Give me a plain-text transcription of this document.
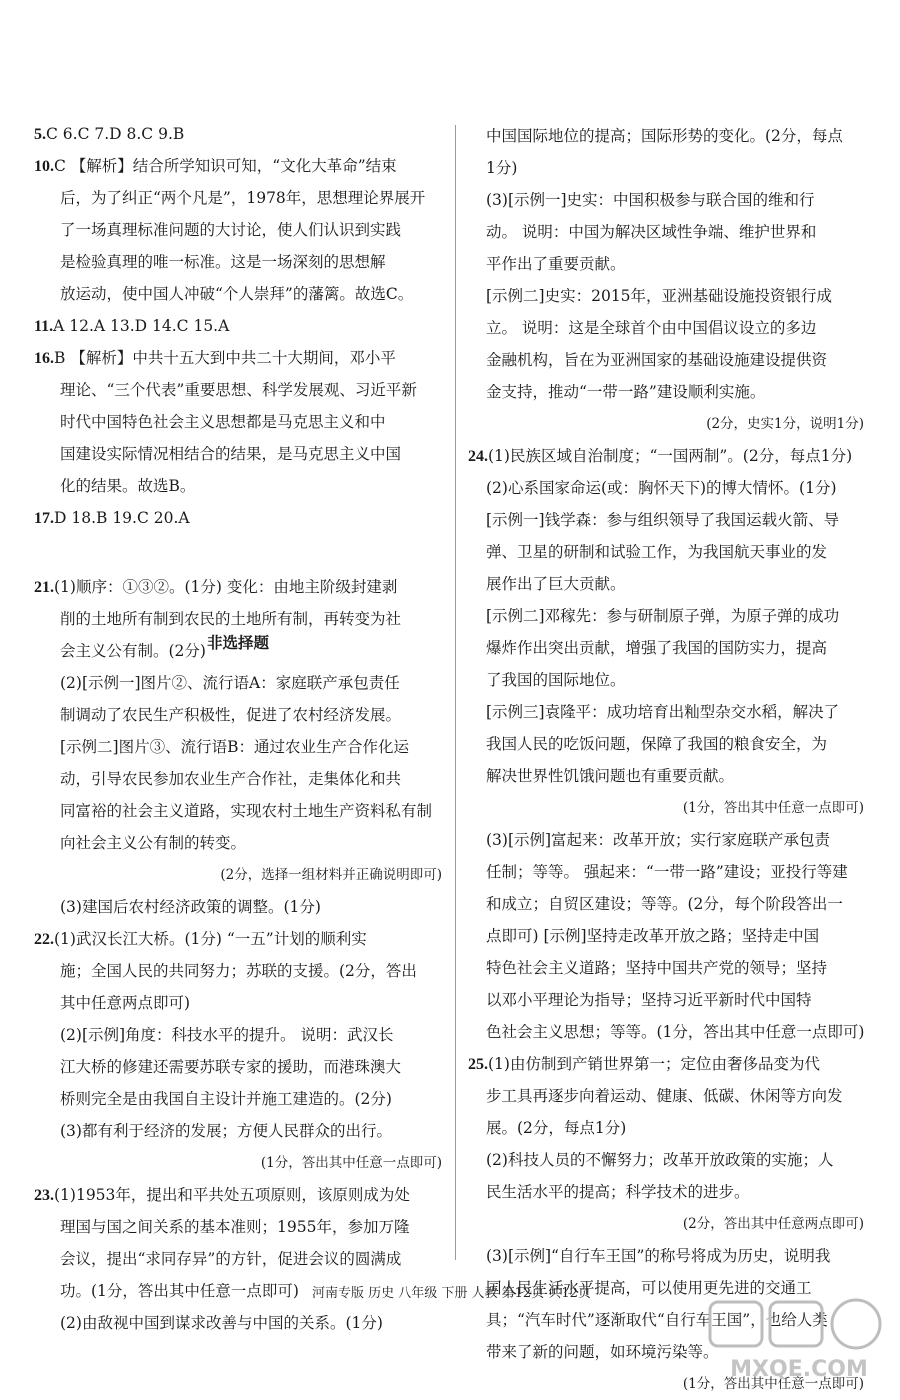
5.C 6.C 7.D 8.C 9.B
10.C 【解析】结合所学知识可知，“文化大革命”结束
后，为了纠正“两个凡是”，1978年，思想理论界展开
了一场真理标准问题的大讨论，使人们认识到实践
是检验真理的唯一标准。这是一场深刻的思想解
放运动，使中国人冲破“个人崇拜”的藩篱。故选C。
11.A 12.A 13.D 14.C 15.A
16.B 【解析】中共十五大到中共二十大期间，邓小平
理论、“三个代表”重要思想、科学发展观、习近平新
时代中国特色社会主义思想都是马克思主义和中
国建设实际情况相结合的结果，是马克思主义中国
化的结果。故选B。
17.D 18.B 19.C 20.A
21.(1)顺序：①③②。(1分) 变化：由地主阶级封建剥
削的土地所有制到农民的土地所有制，再转变为社
会主义公有制。(2分)
(2)[示例一]图片②、流行语A：家庭联产承包责任
制调动了农民生产积极性，促进了农村经济发展。
[示例二]图片③、流行语B：通过农业生产合作化运
动，引导农民参加农业生产合作社，走集体化和共
同富裕的社会主义道路，实现农村土地生产资料私有制
向社会主义公有制的转变。
(2分，选择一组材料并正确说明即可)
(3)建国后农村经济政策的调整。(1分)
22.(1)武汉长江大桥。(1分) “一五”计划的顺利实
施；全国人民的共同努力；苏联的支援。(2分，答出
其中任意两点即可)
(2)[示例]角度：科技水平的提升。 说明：武汉长
江大桥的修建还需要苏联专家的援助，而港珠澳大
桥则完全是由我国自主设计并施工建造的。(2分)
(3)都有利于经济的发展；方便人民群众的出行。
(1分，答出其中任意一点即可)
23.(1)1953年，提出和平共处五项原则，该原则成为处
理国与国之间关系的基本准则；1955年，参加万隆
会议，提出“求同存异”的方针，促进会议的圆满成
功。(1分，答出其中任意一点即可)
(2)由敌视中国到谋求改善与中国的关系。(1分)
非选择题
中国国际地位的提高；国际形势的变化。(2分，每点
1分)
(3)[示例一]史实：中国积极参与联合国的维和行
动。 说明：中国为解决区域性争端、维护世界和
平作出了重要贡献。
[示例二]史实：2015年，亚洲基础设施投资银行成
立。 说明：这是全球首个由中国倡议设立的多边
金融机构，旨在为亚洲国家的基础设施建设提供资
金支持，推动“一带一路”建设顺利实施。
(2分，史实1分，说明1分)
24.(1)民族区域自治制度；“一国两制”。(2分，每点1分)
(2)心系国家命运(或：胸怀天下)的博大情怀。(1分)
[示例一]钱学森：参与组织领导了我国运载火箭、导
弹、卫星的研制和试验工作，为我国航天事业的发
展作出了巨大贡献。
[示例二]邓稼先：参与研制原子弹，为原子弹的成功
爆炸作出突出贡献，增强了我国的国防实力，提高
了我国的国际地位。
[示例三]袁隆平：成功培育出籼型杂交水稻，解决了
我国人民的吃饭问题，保障了我国的粮食安全，为
解决世界性饥饿问题也有重要贡献。
(1分，答出其中任意一点即可)
(3)[示例]富起来：改革开放；实行家庭联产承包责
任制；等等。 强起来：“一带一路”建设；亚投行等建
和成立；自贸区建设；等等。(2分，每个阶段答出一
点即可) [示例]坚持走改革开放之路；坚持走中国
特色社会主义道路；坚持中国共产党的领导；坚持
以邓小平理论为指导；坚持习近平新时代中国特
色社会主义思想；等等。(1分，答出其中任意一点即可)
25.(1)由仿制到产销世界第一；定位由奢侈品变为代
步工具再逐步向着运动、健康、低碳、休闲等方向发
展。(2分，每点1分)
(2)科技人员的不懈努力；改革开放政策的实施；人
民生活水平的提高；科学技术的进步。
(2分，答出其中任意两点即可)
(3)[示例]“自行车王国”的称号将成为历史，说明我
国人民生活水平提高，可以使用更先进的交通工
具；“汽车时代”逐渐取代“自行车王国”，也给人类
带来了新的问题，如环境污染等。
(1分，答出其中任意一点即可)
河南专版 历史 八年级 下册 人教 第12页 共12页
MXQE.COM
